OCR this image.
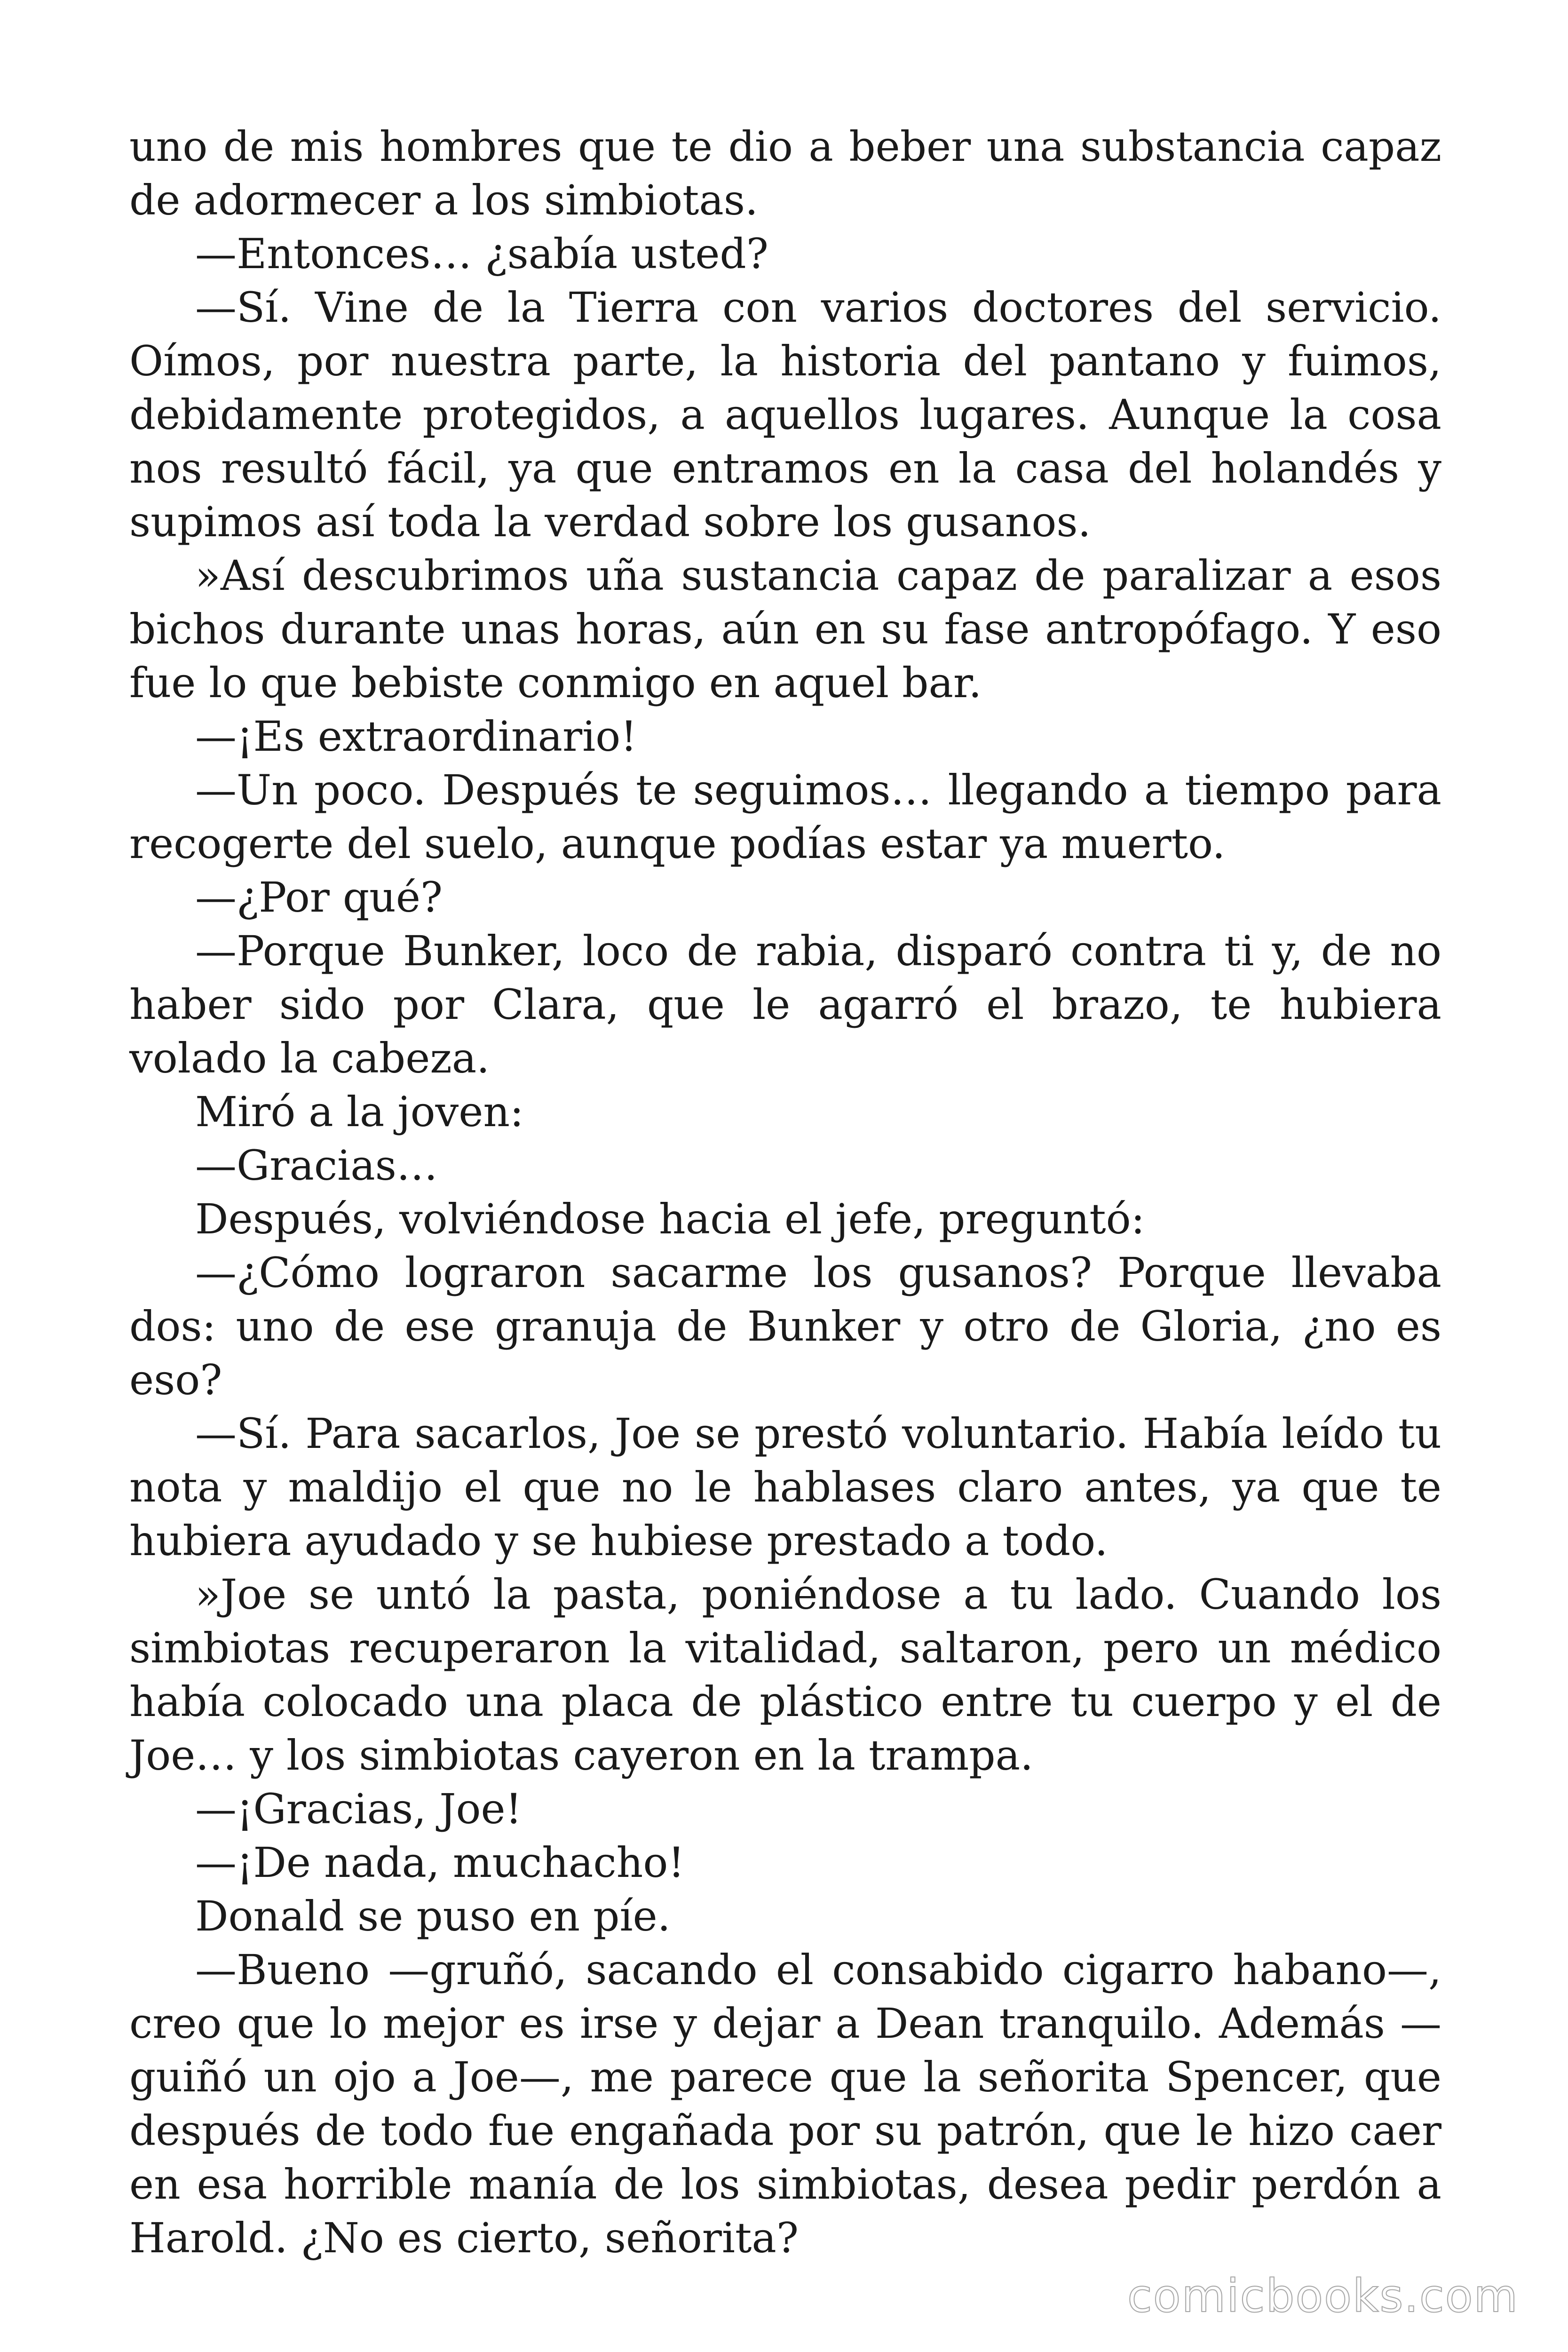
uno de mis hombres que te dio a beber una substancia capaz de adormecer a los simbiotas.

—Entonces… ¿sabía usted?

—Sí. Vine de la Tierra con varios doctores del servicio. Oímos, por nuestra parte, la historia del pantano y fuimos, debidamente protegidos, a aquellos lugares. Aunque la cosa nos resultó fácil, ya que entramos en la casa del holandés y supimos así toda la verdad sobre los gusanos.

»Así descubrimos uña sustancia capaz de paralizar a esos bichos durante unas horas, aún en su fase antropófago. Y eso fue lo que bebiste conmigo en aquel bar.

—¡Es extraordinario!

—Un poco. Después te seguimos… llegando a tiempo para recogerte del suelo, aunque podías estar ya muerto.

—¿Por qué?

—Porque Bunker, loco de rabia, disparó contra ti y, de no haber sido por Clara, que le agarró el brazo, te hubiera volado la cabeza.

Miró a la joven:

—Gracias…

Después, volviéndose hacia el jefe, preguntó:

—¿Cómo lograron sacarme los gusanos? Porque llevaba dos: uno de ese granuja de Bunker y otro de Gloria, ¿no es eso?

—Sí. Para sacarlos, Joe se prestó voluntario. Había leído tu nota y maldijo el que no le hablases claro antes, ya que te hubiera ayudado y se hubiese prestado a todo.

»Joe se untó la pasta, poniéndose a tu lado. Cuando los simbiotas recuperaron la vitalidad, saltaron, pero un médico había colocado una placa de plástico entre tu cuerpo y el de Joe… y los simbiotas cayeron en la trampa.

—¡Gracias, Joe!

—¡De nada, muchacho!

Donald se puso en píe.

—Bueno —gruñó, sacando el consabido cigarro habano—, creo que lo mejor es irse y dejar a Dean tranquilo. Además —guiñó un ojo a Joe—, me parece que la señorita Spencer, que después de todo fue engañada por su patrón, que le hizo caer en esa horrible manía de los simbiotas, desea pedir perdón a Harold. ¿No es cierto, señorita?

comicbooks.com
